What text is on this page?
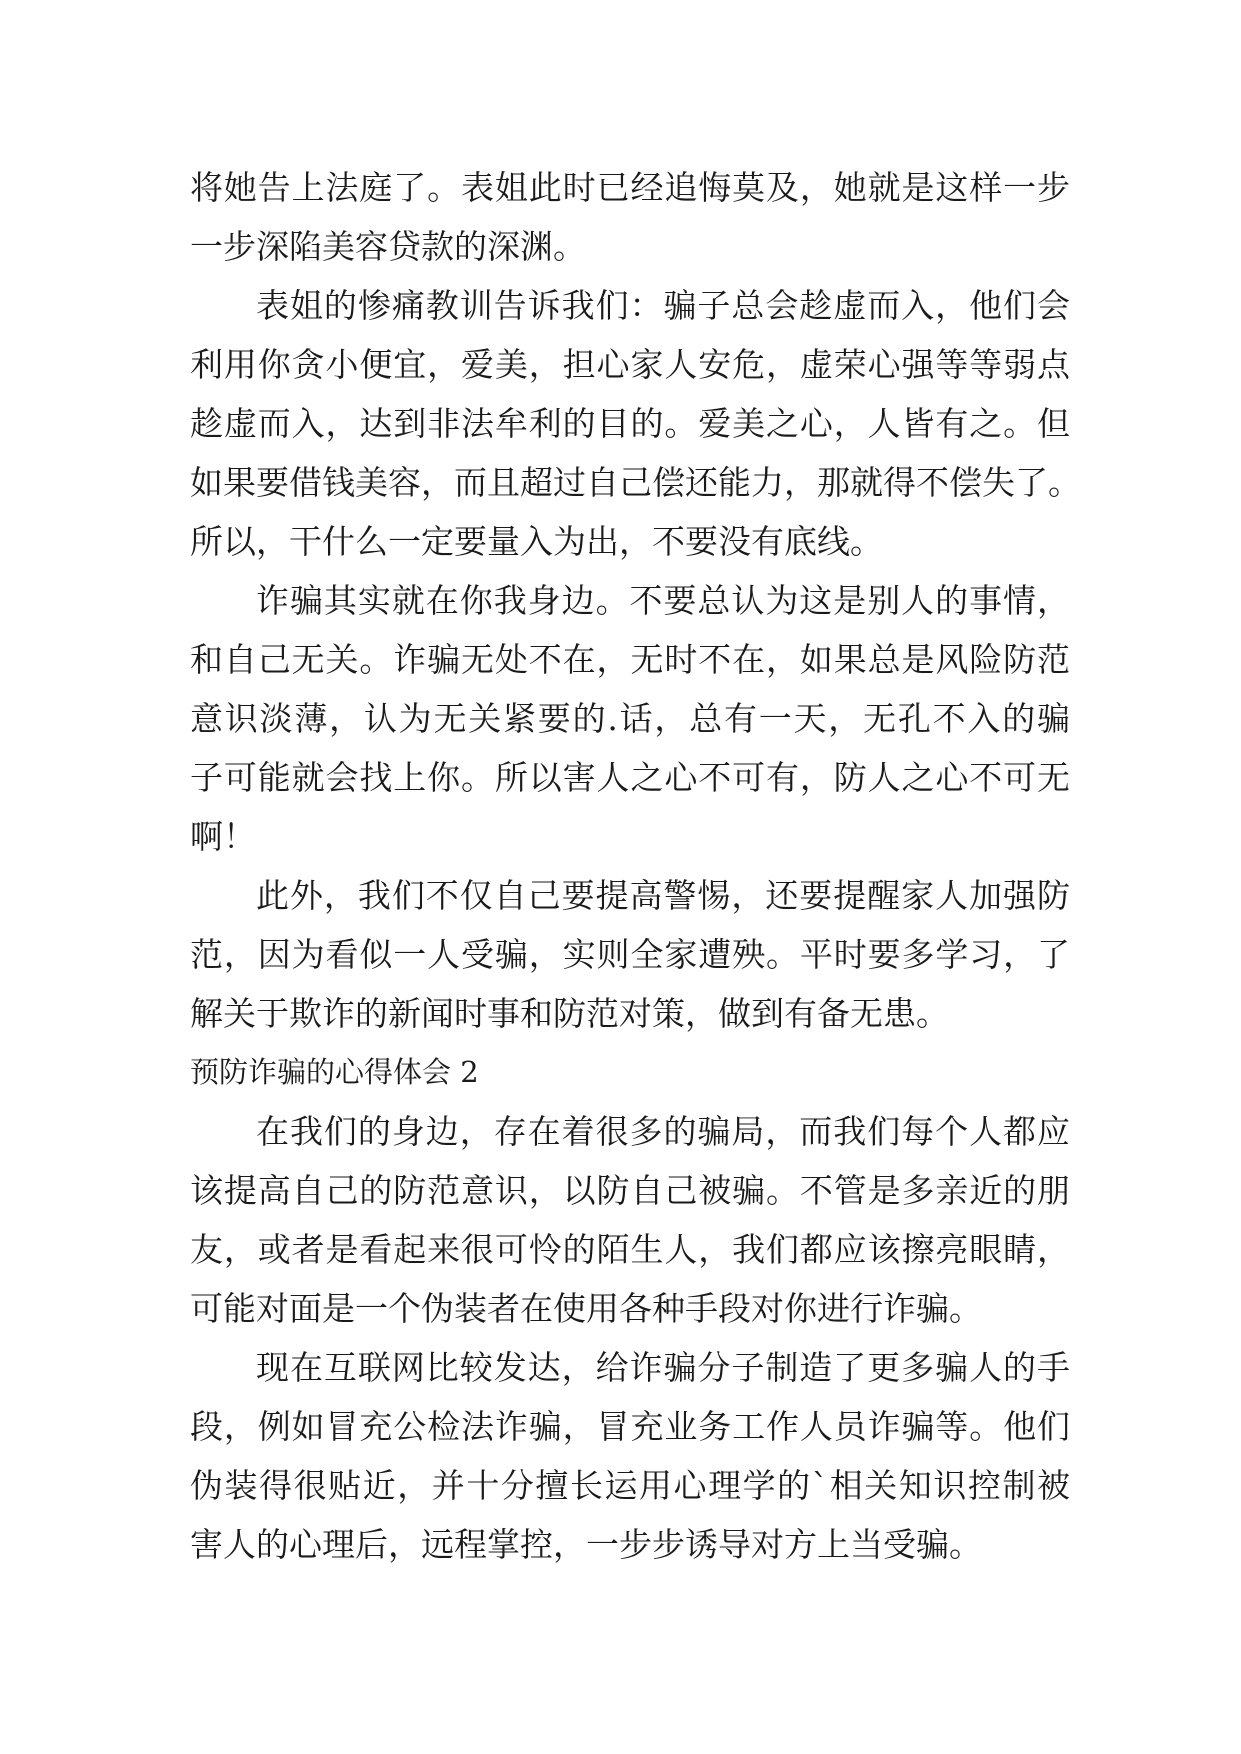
将她告上法庭了。表姐此时已经追悔莫及，她就是这样一步
一步深陷美容贷款的深渊。
表姐的惨痛教训告诉我们：骗子总会趁虚而入，他们会
利用你贪小便宜，爱美，担心家人安危，虚荣心强等等弱点
趁虚而入，达到非法牟利的目的。爱美之心，人皆有之。但
如果要借钱美容，而且超过自己偿还能力，那就得不偿失了。
所以，干什么一定要量入为出，不要没有底线。
诈骗其实就在你我身边。不要总认为这是别人的事情，
和自己无关。诈骗无处不在，无时不在，如果总是风险防范
意识淡薄，认为无关紧要的.话，总有一天，无孔不入的骗
子可能就会找上你。所以害人之心不可有，防人之心不可无
啊！
此外，我们不仅自己要提高警惕，还要提醒家人加强防
范，因为看似一人受骗，实则全家遭殃。平时要多学习，了
解关于欺诈的新闻时事和防范对策，做到有备无患。
预防诈骗的心得体会 2
在我们的身边，存在着很多的骗局，而我们每个人都应
该提高自己的防范意识，以防自己被骗。不管是多亲近的朋
友，或者是看起来很可怜的陌生人，我们都应该擦亮眼睛，
可能对面是一个伪装者在使用各种手段对你进行诈骗。
现在互联网比较发达，给诈骗分子制造了更多骗人的手
段，例如冒充公检法诈骗，冒充业务工作人员诈骗等。他们
伪装得很贴近，并十分擅长运用心理学的`相关知识控制被
害人的心理后，远程掌控，一步步诱导对方上当受骗。
